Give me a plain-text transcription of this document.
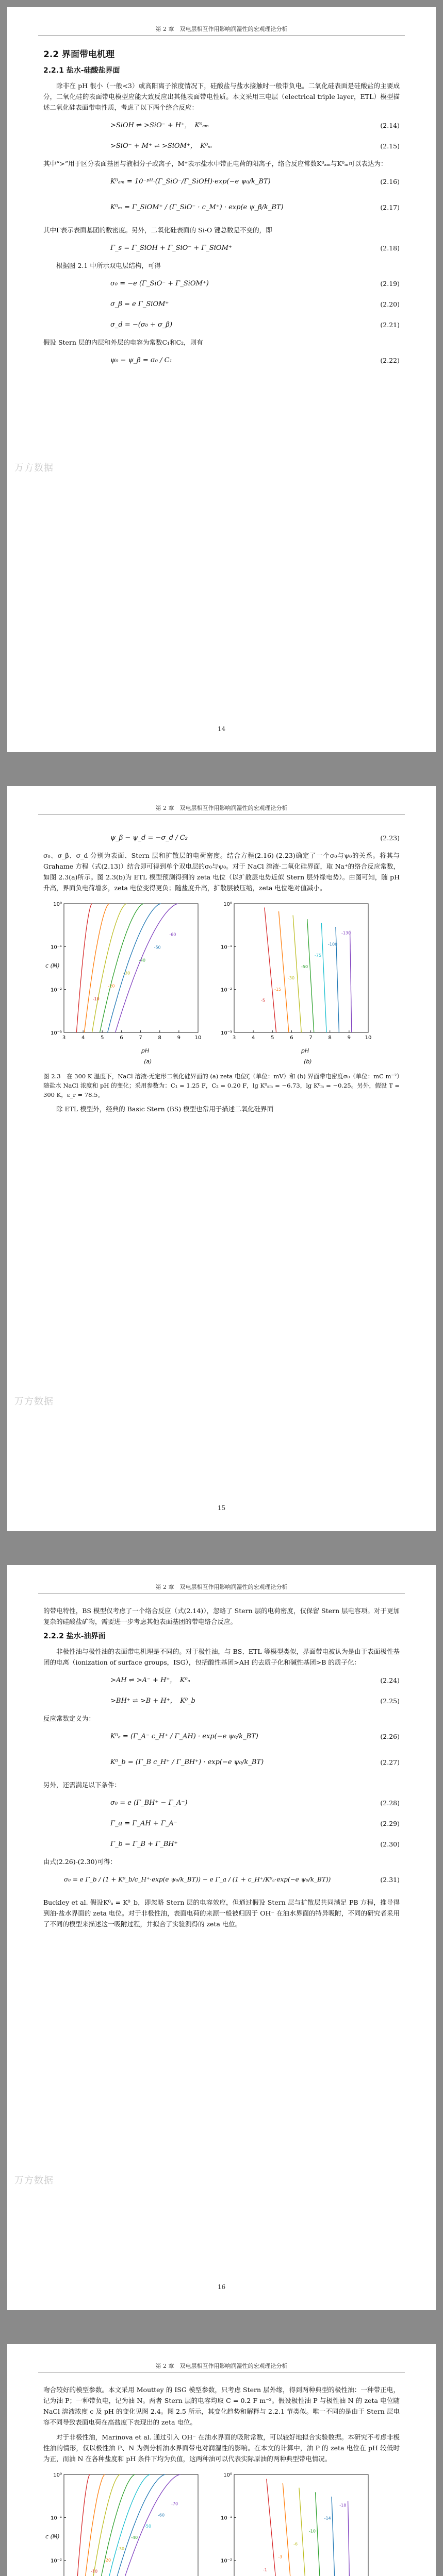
第 2 章　双电层相互作用影响润湿性的宏观理论分析
万方数据
2.2 界面带电机理
2.2.1 盐水-硅酸盐界面

除非在 pH 很小（一般<3）或高阳离子浓度情况下，硅酸盐与盐水接触时一般带负电。二氧化硅表面是硅酸盐的主要成分，二氧化硅的表面带电模型应能大致反应出其他表面带电性质。本文采用三电层（electrical triple layer，ETL）模型描述二氧化硅表面带电性质，考虑了以下两个络合反应：

>SiOH ⇌ >SiO⁻ + H⁺，　K⁰ₐₘ	(2.14)
>SiO⁻ + M⁺ ⇌ >SiOM⁺，　K⁰ₘ	(2.15)

其中“>”用于区分表面基团与液相分子或离子，M⁺表示盐水中带正电荷的阳离子，络合反应常数K⁰ₐₘ与K⁰ₘ可以表达为：

K⁰ₐₘ = 10⁻ᵖᴴ·(Γ_SiO⁻/Γ_SiOH)·exp(−e ψ₀/k_BT)	(2.16)
K⁰ₘ = Γ_SiOM⁺ / (Γ_SiO⁻ · c_M⁺) · exp(e ψ_β/k_BT)	(2.17)

其中Γ表示表面基团的数密度。另外，二氧化硅表面的 Si-O 键总数是不变的，即

Γ_s = Γ_SiOH + Γ_SiO⁻ + Γ_SiOM⁺	(2.18)

根据图 2.1 中所示双电层结构，可得

σ₀ = −e (Γ_SiO⁻ + Γ_SiOM⁺)	(2.19)
σ_β = e Γ_SiOM⁺	(2.20)
σ_d = −(σ₀ + σ_β)	(2.21)

假设 Stern 层的内层和外层的电容为常数C₁和C₂，则有

ψ₀ − ψ_β = σ₀ / C₁	(2.22)
14
第 2 章　双电层相互作用影响润湿性的宏观理论分析
万方数据
ψ_β − ψ_d = −σ_d / C₂	(2.23)

σ₀、σ_β、σ_d 分别为表面、Stern 层和扩散层的电荷密度。结合方程(2.16)-(2.23)确定了一个σ₀与ψ₀的关系。将其与 Grahame 方程（式(2.13)）结合即可得到单个双电层的σ₀与ψ₀。对于 NaCl 溶液-二氧化硅界面，取 Na⁺的络合反应常数，如图 2.3(a)所示。图 2.3(b)为 ETL 模型预测得到的 zeta 电位（以扩散层电势近似 Stern 层外缘电势）。由图可知，随 pH 升高，界面负电荷增多，zeta 电位变得更负；随盐度升高，扩散层被压缩，zeta 电位绝对值减小。

3	4	5	6	7	8	9	10
10⁻³
10⁻²
10⁻¹
10⁰
-10
-20
-30
-40
-50
-60
3	4	5	6	7	8	9	10
10⁻³
10⁻²
10⁻¹
10⁰
-5
-15
-30
-50
-75
-100
-130
(a)	(b)
pH	pH
c (M)
图 2.3　在 300 K 温度下，NaCl 溶液-无定形二氧化硅界面的 (a) zeta 电位ζ（单位：mV）和 (b) 界面带电密度σ₀（单位：mC m⁻²）随盐水 NaCl 浓度和 pH 的变化；采用参数为：C₁ = 1.25 F，C₂ = 0.20 F，lg K⁰ₐₘ = −6.73，lg K⁰ₘ = −0.25。另外，假设 T = 300 K，ε_r = 78.5。

除 ETL 模型外，经典的 Basic Stern (BS) 模型也常用于描述二氧化硅界面

15
第 2 章　双电层相互作用影响润湿性的宏观理论分析
万方数据

的带电特性，BS 模型仅考虑了一个络合反应（式(2.14)），忽略了 Stern 层的电荷密度，仅保留 Stern 层电容项。对于更加复杂的硅酸盐矿物，需要进一步考虑其他表面基团的带电络合反应。

2.2.2 盐水-油界面

非极性油与极性油的表面带电机理是不同的。对于极性油，与 BS、ETL 等模型类似，界面带电被认为是由于表面极性基团的电离（ionization of surface groups，ISG），包括酸性基团>AH 的去质子化和碱性基团>B 的质子化：

>AH ⇌ >A⁻ + H⁺，　K⁰ₐ	(2.24)
>BH⁺ ⇌ >B + H⁺，　K⁰_b	(2.25)

反应常数定义为：

K⁰ₐ = (Γ_A⁻ c_H⁺ / Γ_AH) · exp(−e ψ₀/k_BT)	(2.26)
K⁰_b = (Γ_B c_H⁺ / Γ_BH⁺) · exp(−e ψ₀/k_BT)	(2.27)

另外，还需满足以下条件：

σ₀ = e (Γ_BH⁺ − Γ_A⁻)	(2.28)
Γ_a = Γ_AH + Γ_A⁻	(2.29)
Γ_b = Γ_B + Γ_BH⁺	(2.30)

由式(2.26)-(2.30)可得：

σ₀ = e Γ_b / (1 + K⁰_b/c_H⁺·exp(e ψ₀/k_BT)) − e Γ_a / (1 + c_H⁺/K⁰ₐ·exp(−e ψ₀/k_BT))	(2.31)

Buckley et al. 假设K⁰ₐ = K⁰_b，即忽略 Stern 层的电容效应，但通过假设 Stern 层与扩散层共同满足 PB 方程，推导得到油-盐水界面的 zeta 电位。对于非极性油，表面电荷的来源一般被归因于 OH⁻ 在油水界面的特异吸附，不同的研究者采用了不同的模型来描述这一吸附过程，并拟合了实验测得的 zeta 电位。

16
第 2 章　双电层相互作用影响润湿性的宏观理论分析

吻合较好的模型参数。本文采用 Mouttey 的 ISG 模型参数，只考虑 Stern 层外缘，得到两种典型的极性油：一种带正电，记为油 P；一种带负电，记为油 N。两者 Stern 层的电容均取 C = 0.2 F m⁻²。假设极性油 P 与极性油 N 的 zeta 电位随 NaCl 溶液浓度 c 及 pH 的变化见图 2.4。图 2.5 所示，其变化趋势和解释与 2.2.1 节类似。唯一不同的是由于 Stern 层电容不同导致表面电荷在高盐度下表现出的 zeta 电位。

对于非极性油，Marinova et al. 通过引入 OH⁻ 在油水界面的吸附常数，可以较好地拟合实验数据。本研究不考虑非极性油的情形，仅以极性油 P、N 为例分析油水界面带电对润湿性的影响。在本文的计算中，油 P 的 zeta 电位在 pH 较低时为正，而油 N 在各种盐度和 pH 条件下均为负值，这两种油可以代表实际原油的两种典型带电情况。

10⁻²
10⁻¹
10⁰
-10
-20
-30
-40
-50
-60
-70
10⁻²
10⁻¹
10⁰
-1
-3
-6
-10
-14
-18
c (M)
